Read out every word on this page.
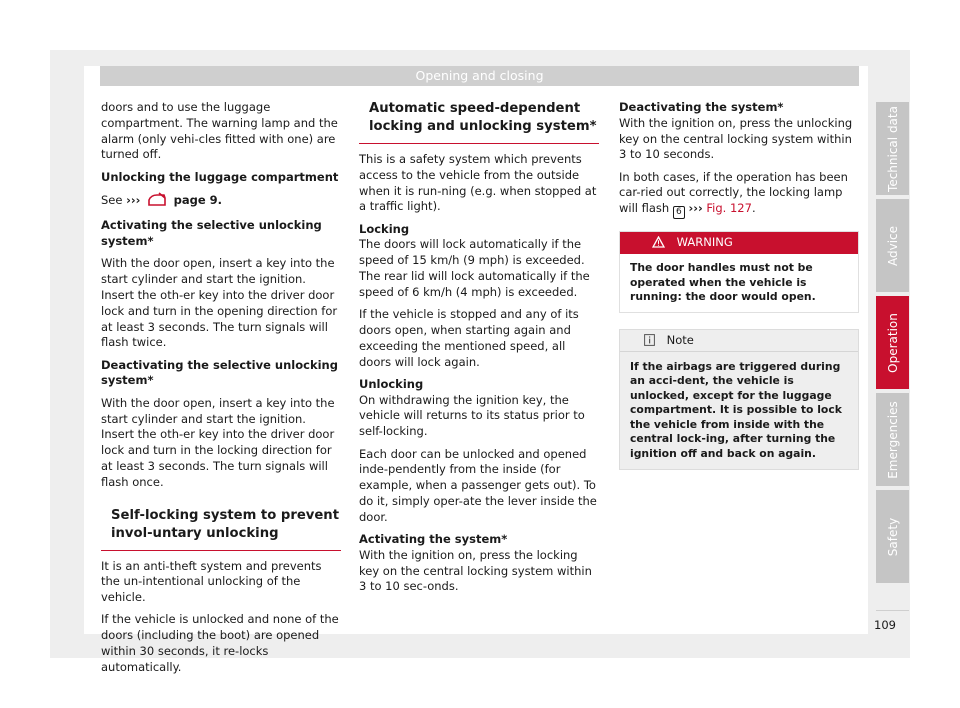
Opening and closing

doors and to use the luggage compartment. The warning lamp and the alarm (only vehi-cles fitted with one) are turned off.

Unlocking the luggage compartment

See ›››	page 9.

Activating the selective unlocking system*

With the door open, insert a key into the start cylinder and start the ignition. Insert the oth-er key into the driver door lock and turn in the opening direction for at least 3 seconds. The turn signals will flash twice.

Deactivating the selective unlocking system*

With the door open, insert a key into the start cylinder and start the ignition. Insert the oth-er key into the driver door lock and turn in the locking direction for at least 3 seconds. The turn signals will flash once.

Self-locking system to prevent invol-untary unlocking

It is an anti-theft system and prevents the un-intentional unlocking of the vehicle.

If the vehicle is unlocked and none of the doors (including the boot) are opened within 30 seconds, it re-locks automatically.

Automatic speed-dependent locking and unlocking system*

This is a safety system which prevents access to the vehicle from the outside when it is run-ning (e.g. when stopped at a traffic light).

Locking

The doors will lock automatically if the speed of 15 km/h (9 mph) is exceeded. The rear lid will lock automatically if the speed of 6 km/h (4 mph) is exceeded.

If the vehicle is stopped and any of its doors open, when starting again and exceeding the mentioned speed, all doors will lock again.

Unlocking

On withdrawing the ignition key, the vehicle will returns to its status prior to self-locking.

Each door can be unlocked and opened inde-pendently from the inside (for example, when a passenger gets out). To do it, simply oper-ate the lever inside the door.

Activating the system*

With the ignition on, press the locking key on the central locking system within 3 to 10 sec-onds.

Deactivating the system*

With the ignition on, press the unlocking key on the central locking system within 3 to 10 seconds.

In both cases, if the operation has been car-ried out correctly, the locking lamp will flash 6 ››› Fig. 127.

WARNING
The door handles must not be operated when the vehicle is running: the door would open.
Note
If the airbags are triggered during an acci-dent, the vehicle is unlocked, except for the luggage compartment. It is possible to lock the vehicle from inside with the central lock-ing, after turning the ignition off and back on again.
Technical data
Advice
Operation
Emergencies
Safety
109
